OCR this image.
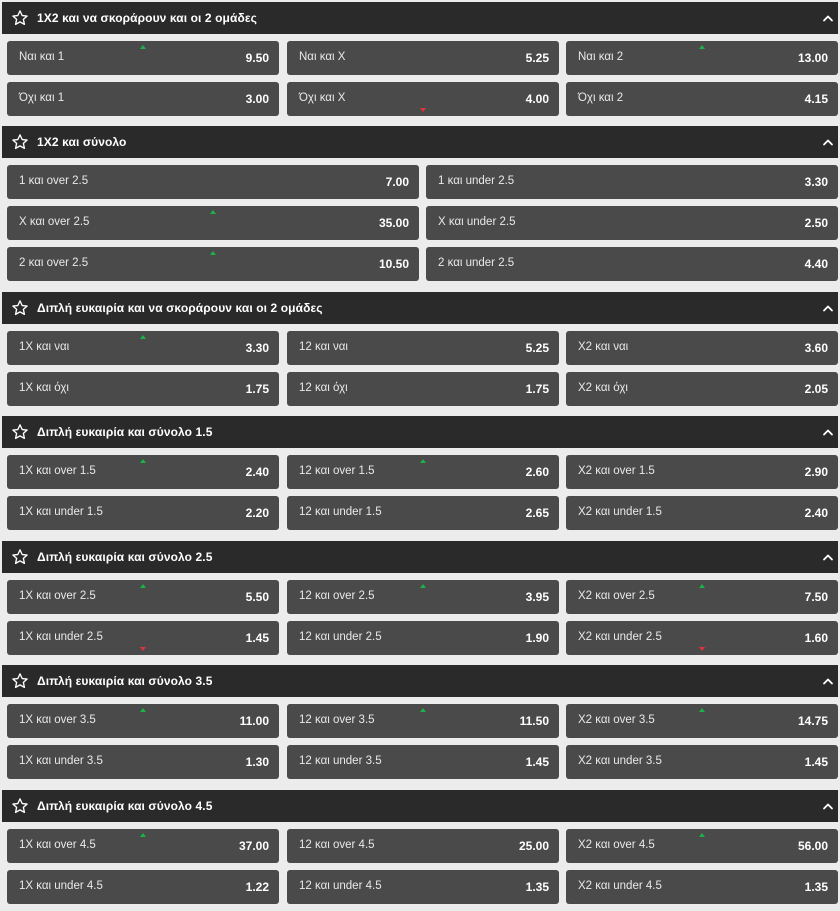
1X2 και να σκοράρουν και οι 2 ομάδες
Ναι και 1	9.50	Ναι και Χ	5.25	Ναι και 2	13.00
Όχι και 1	3.00	Όχι και Χ	4.00	Όχι και 2	4.15
1X2 και σύνολο
1 και over 2.5	7.00	1 και under 2.5	3.30
Χ και over 2.5	35.00	Χ και under 2.5	2.50
2 και over 2.5	10.50	2 και under 2.5	4.40
Διπλή ευκαιρία και να σκοράρουν και οι 2 ομάδες
1Χ και ναι	3.30	12 και ναι	5.25	Χ2 και ναι	3.60
1Χ και όχι	1.75	12 και όχι	1.75	Χ2 και όχι	2.05
Διπλή ευκαιρία και σύνολο 1.5
1Χ και over 1.5	2.40	12 και over 1.5	2.60	Χ2 και over 1.5	2.90
1Χ και under 1.5	2.20	12 και under 1.5	2.65	Χ2 και under 1.5	2.40
Διπλή ευκαιρία και σύνολο 2.5
1Χ και over 2.5	5.50	12 και over 2.5	3.95	Χ2 και over 2.5	7.50
1Χ και under 2.5	1.45	12 και under 2.5	1.90	Χ2 και under 2.5	1.60
Διπλή ευκαιρία και σύνολο 3.5
1Χ και over 3.5	11.00	12 και over 3.5	11.50	Χ2 και over 3.5	14.75
1Χ και under 3.5	1.30	12 και under 3.5	1.45	Χ2 και under 3.5	1.45
Διπλή ευκαιρία και σύνολο 4.5
1Χ και over 4.5	37.00	12 και over 4.5	25.00	Χ2 και over 4.5	56.00
1Χ και under 4.5	1.22	12 και under 4.5	1.35	Χ2 και under 4.5	1.35
